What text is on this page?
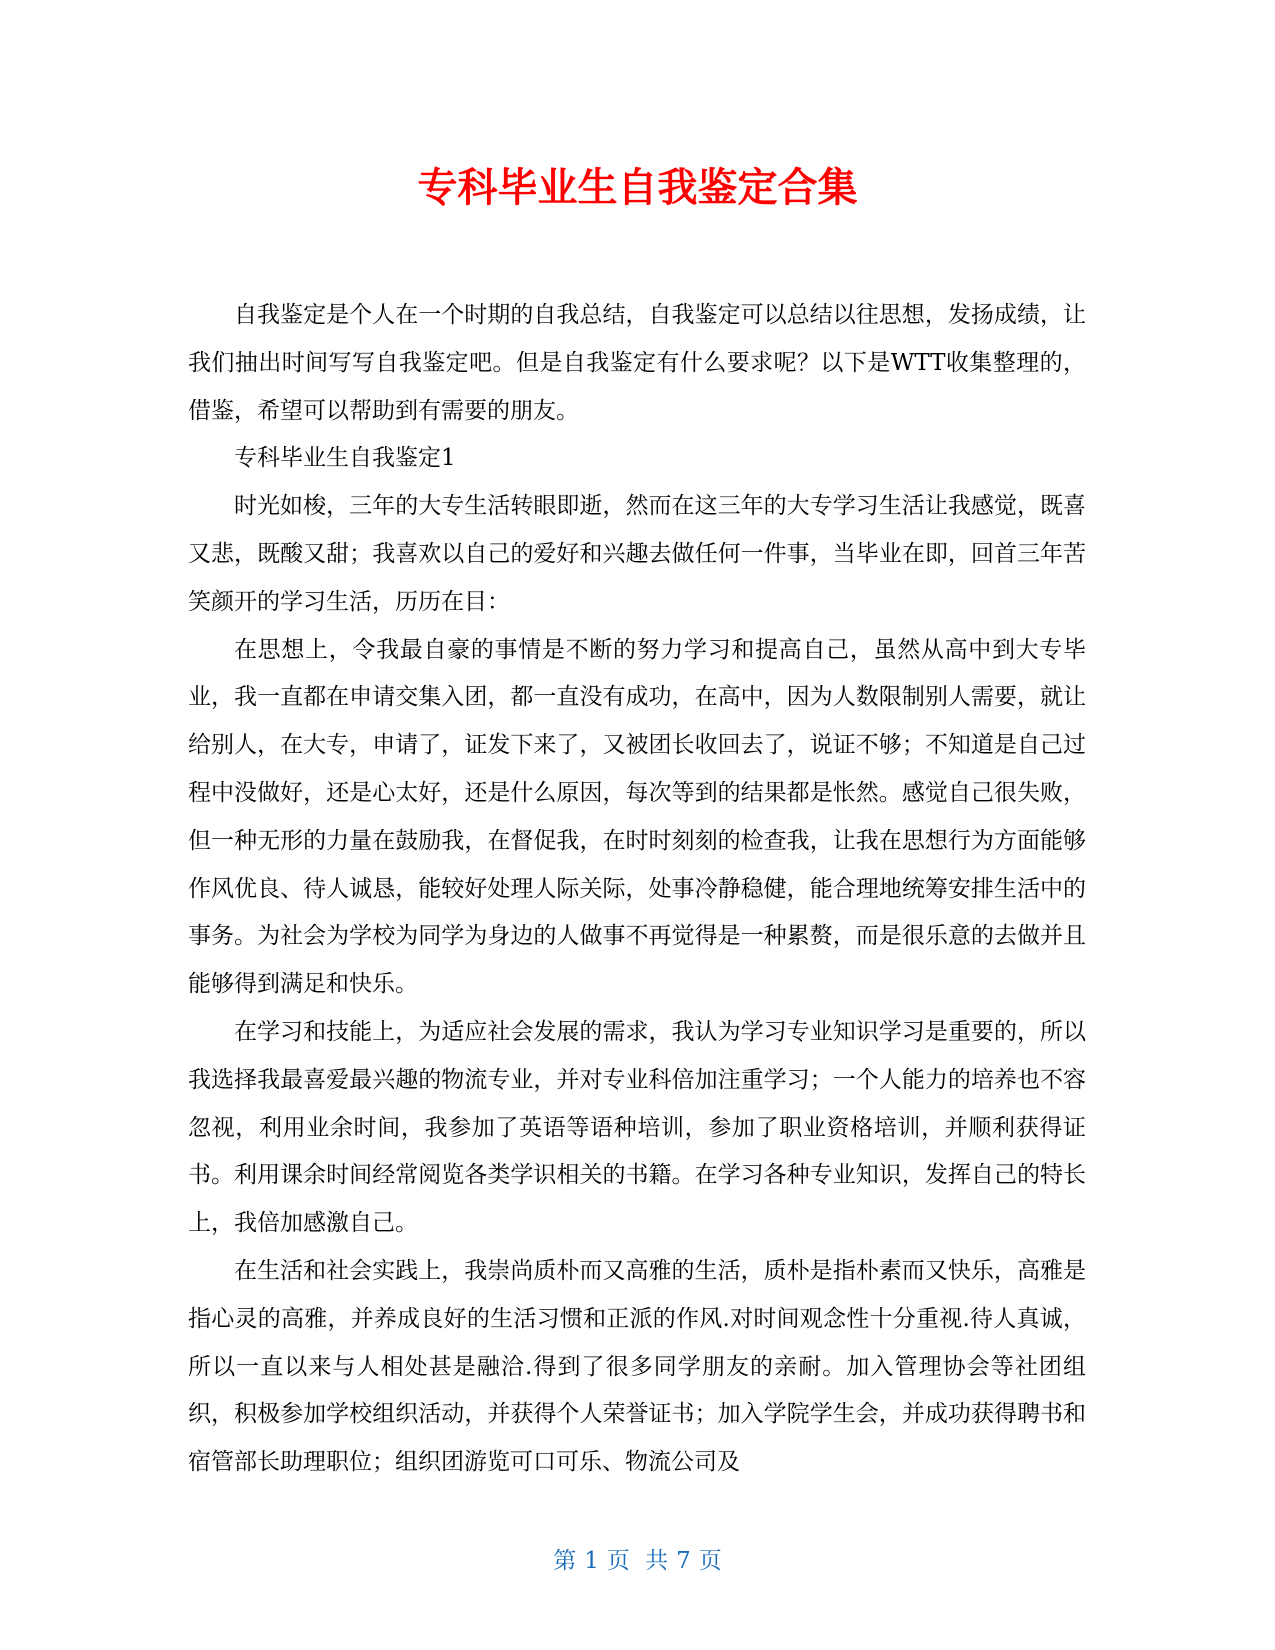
专科毕业生自我鉴定合集

自我鉴定是个人在一个时期的自我总结，自我鉴定可以总结以往思想，发扬成绩，让我们抽出时间写写自我鉴定吧。但是自我鉴定有什么要求呢？以下是WTT收集整理的，借鉴，希望可以帮助到有需要的朋友。

专科毕业生自我鉴定1

时光如梭，三年的大专生活转眼即逝，然而在这三年的大专学习生活让我感觉，既喜又悲，既酸又甜；我喜欢以自己的爱好和兴趣去做任何一件事，当毕业在即，回首三年苦笑颜开的学习生活，历历在目：

在思想上，令我最自豪的事情是不断的努力学习和提高自己，虽然从高中到大专毕业，我一直都在申请交集入团，都一直没有成功，在高中，因为人数限制别人需要，就让给别人，在大专，申请了，证发下来了，又被团长收回去了，说证不够；不知道是自己过程中没做好，还是心太好，还是什么原因，每次等到的结果都是怅然。感觉自己很失败，但一种无形的力量在鼓励我，在督促我，在时时刻刻的检查我，让我在思想行为方面能够作风优良、待人诚恳，能较好处理人际关际，处事冷静稳健，能合理地统筹安排生活中的事务。为社会为学校为同学为身边的人做事不再觉得是一种累赘，而是很乐意的去做并且能够得到满足和快乐。

在学习和技能上，为适应社会发展的需求，我认为学习专业知识学习是重要的，所以我选择我最喜爱最兴趣的物流专业，并对专业科倍加注重学习；一个人能力的培养也不容忽视，利用业余时间，我参加了英语等语种培训，参加了职业资格培训，并顺利获得证书。利用课余时间经常阅览各类学识相关的书籍。在学习各种专业知识，发挥自己的特长上，我倍加感激自己。

在生活和社会实践上，我崇尚质朴而又高雅的生活，质朴是指朴素而又快乐，高雅是指心灵的高雅，并养成良好的生活习惯和正派的作风.对时间观念性十分重视.待人真诚，所以一直以来与人相处甚是融洽.得到了很多同学朋友的亲耐。加入管理协会等社团组织，积极参加学校组织活动，并获得个人荣誉证书；加入学院学生会，并成功获得聘书和宿管部长助理职位；组织团游览可口可乐、物流公司及

第 1 页 共 7 页
